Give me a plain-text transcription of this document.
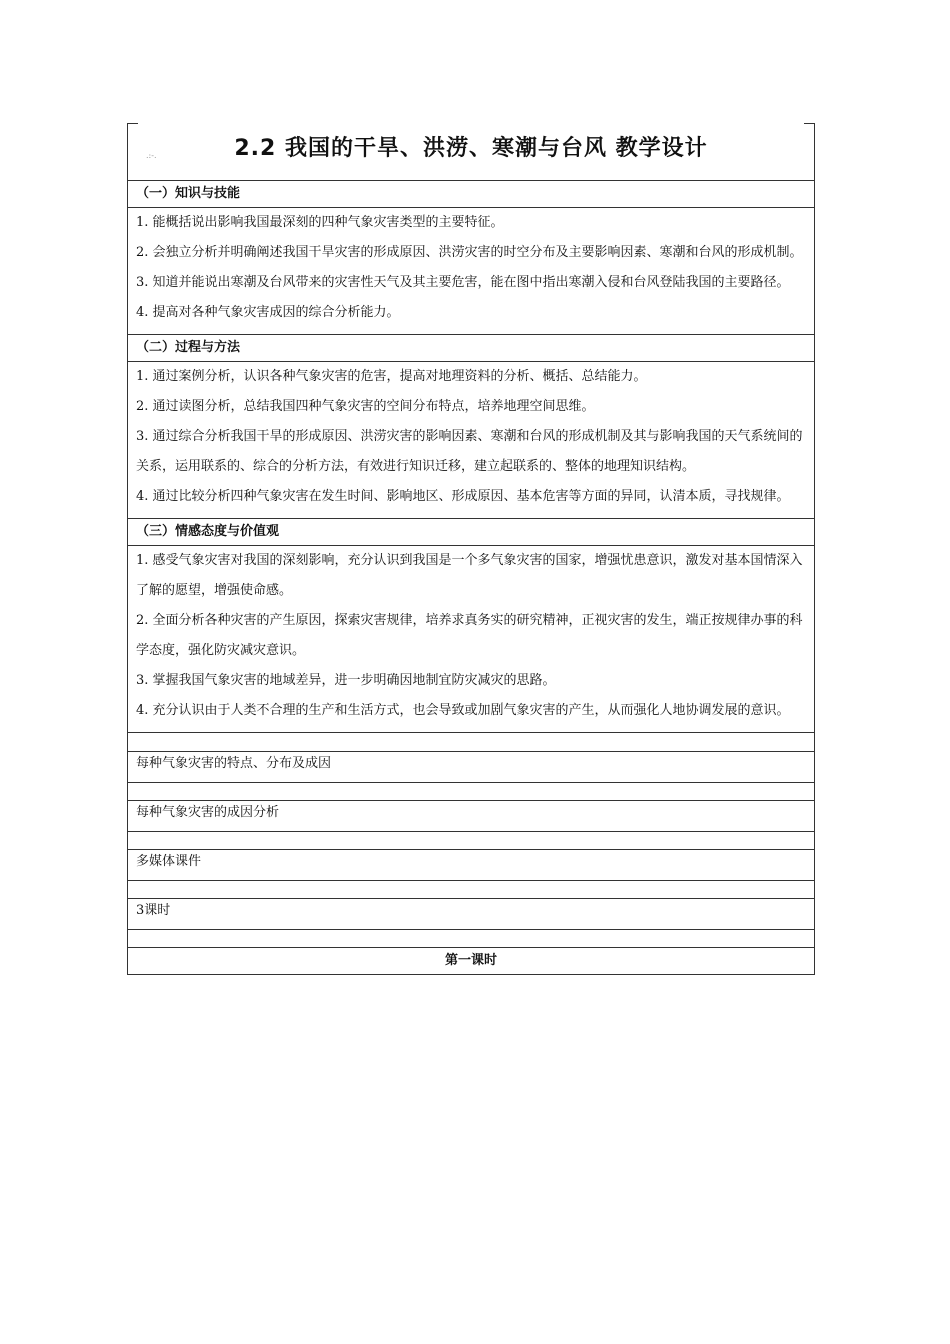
.:‑.	2.2 我国的干旱、洪涝、寒潮与台风 教学设计
（一）知识与技能

1. 能概括说出影响我国最深刻的四种气象灾害类型的主要特征。

2. 会独立分析并明确阐述我国干旱灾害的形成原因、洪涝灾害的时空分布及主要影响因素、寒潮和台风的形成机制。

3. 知道并能说出寒潮及台风带来的灾害性天气及其主要危害，能在图中指出寒潮入侵和台风登陆我国的主要路径。

4. 提高对各种气象灾害成因的综合分析能力。

（二）过程与方法

1. 通过案例分析，认识各种气象灾害的危害，提高对地理资料的分析、概括、总结能力。

2. 通过读图分析，总结我国四种气象灾害的空间分布特点，培养地理空间思维。

3. 通过综合分析我国干旱的形成原因、洪涝灾害的影响因素、寒潮和台风的形成机制及其与影响我国的天气系统间的关系，运用联系的、综合的分析方法，有效进行知识迁移，建立起联系的、整体的地理知识结构。

4. 通过比较分析四种气象灾害在发生时间、影响地区、形成原因、基本危害等方面的异同，认清本质，寻找规律。

（三）情感态度与价值观

1. 感受气象灾害对我国的深刻影响，充分认识到我国是一个多气象灾害的国家，增强忧患意识，激发对基本国情深入了解的愿望，增强使命感。

2. 全面分析各种灾害的产生原因，探索灾害规律，培养求真务实的研究精神，正视灾害的发生，端正按规律办事的科学态度，强化防灾减灾意识。

3. 掌握我国气象灾害的地域差异，进一步明确因地制宜防灾减灾的思路。

4. 充分认识由于人类不合理的生产和生活方式，也会导致或加剧气象灾害的产生，从而强化人地协调发展的意识。

每种气象灾害的特点、分布及成因

每种气象灾害的成因分析

多媒体课件

3课时

第一课时
